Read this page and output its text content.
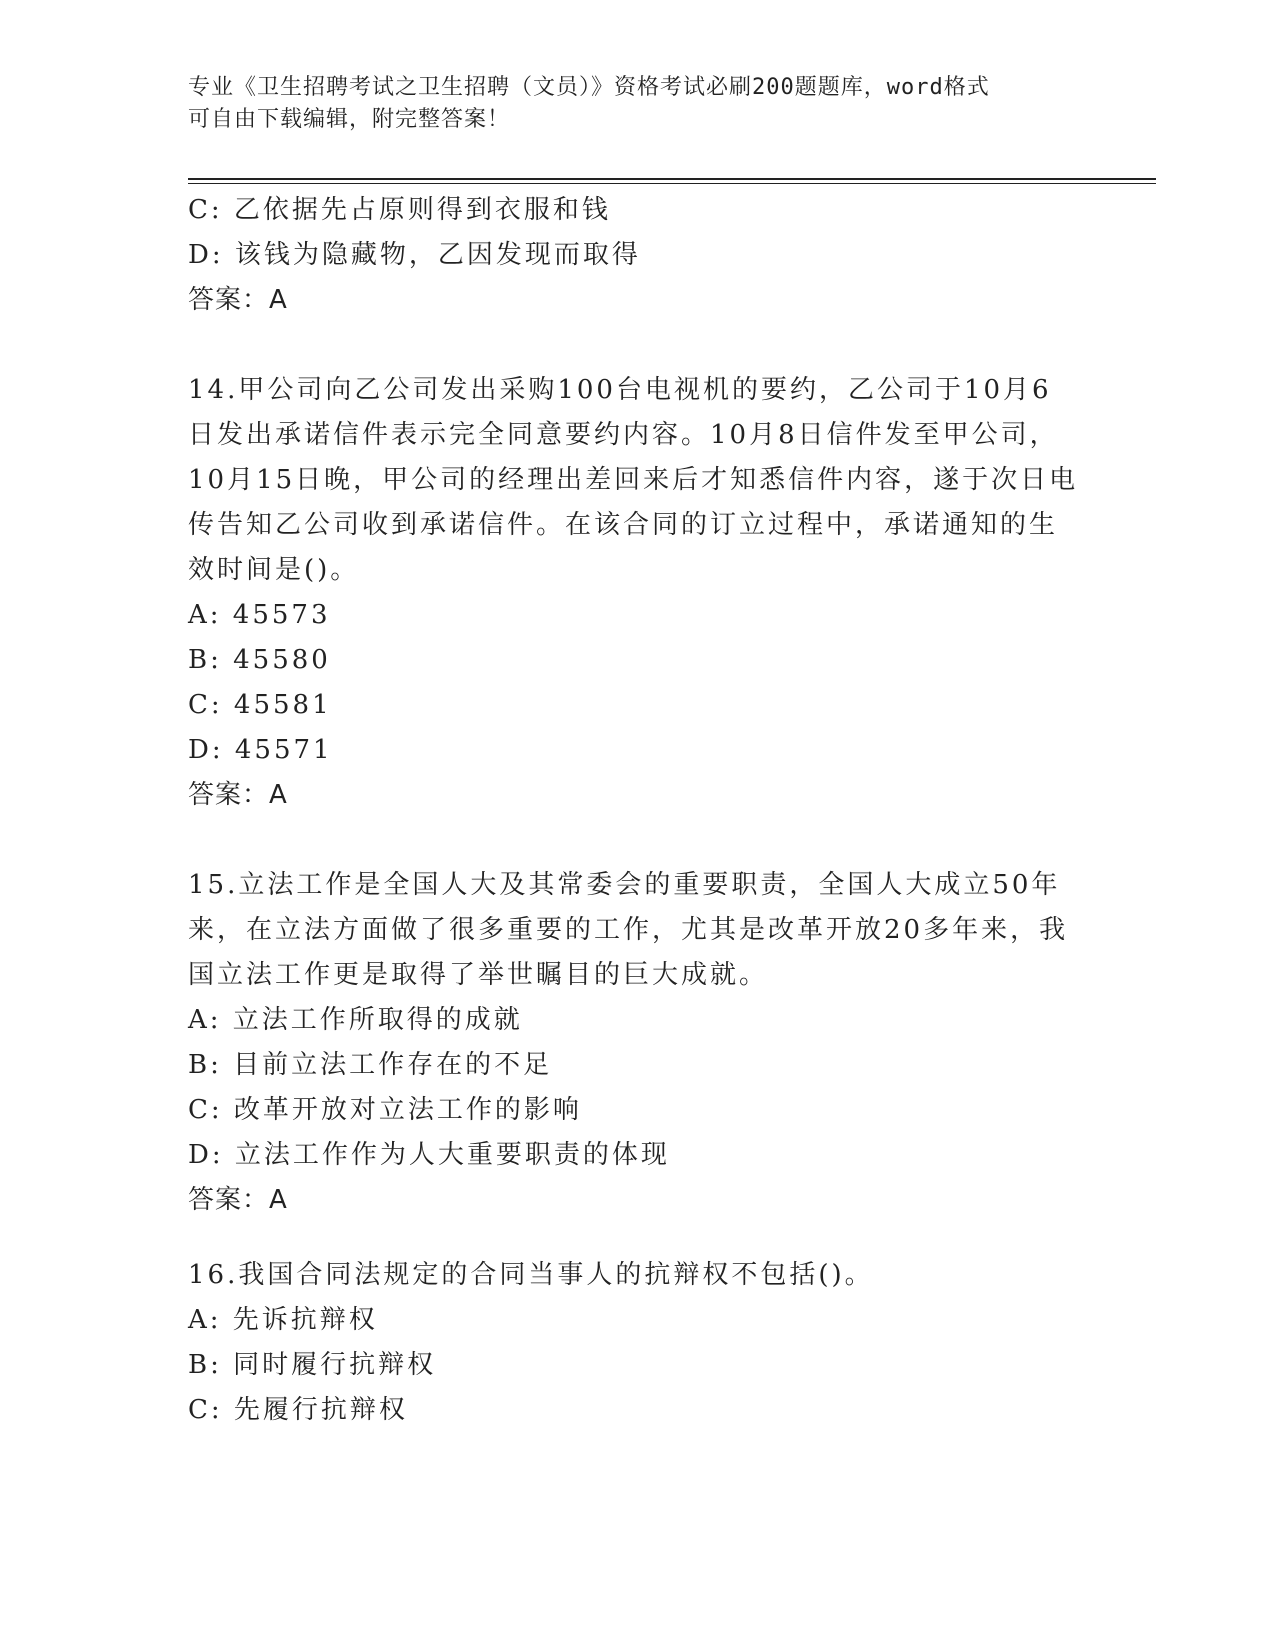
专业《卫生招聘考试之卫生招聘（文员）》资格考试必刷200题题库，word格式
可自由下载编辑，附完整答案！
C: 乙依据先占原则得到衣服和钱
D: 该钱为隐藏物，乙因发现而取得
答案：A
14.甲公司向乙公司发出采购100台电视机的要约，乙公司于10月6
日发出承诺信件表示完全同意要约内容。10月8日信件发至甲公司，
10月15日晚，甲公司的经理出差回来后才知悉信件内容，遂于次日电
传告知乙公司收到承诺信件。在该合同的订立过程中，承诺通知的生
效时间是()。
A: 45573
B: 45580
C: 45581
D: 45571
答案：A
15.立法工作是全国人大及其常委会的重要职责，全国人大成立50年
来，在立法方面做了很多重要的工作，尤其是改革开放20多年来，我
国立法工作更是取得了举世瞩目的巨大成就。
A: 立法工作所取得的成就
B: 目前立法工作存在的不足
C: 改革开放对立法工作的影响
D: 立法工作作为人大重要职责的体现
答案：A
16.我国合同法规定的合同当事人的抗辩权不包括()。
A: 先诉抗辩权
B: 同时履行抗辩权
C: 先履行抗辩权
